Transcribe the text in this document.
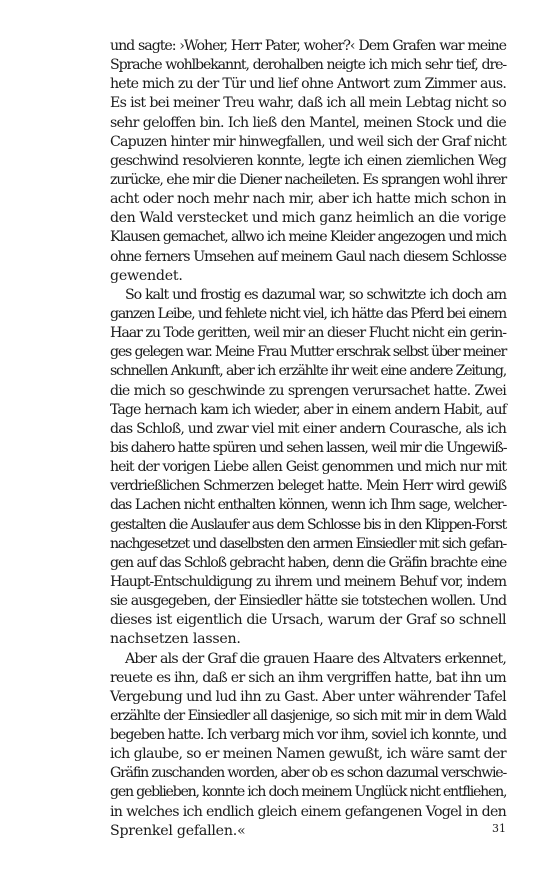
und sagte: ›Woher, Herr Pater, woher?‹ Dem Grafen war meine
Sprache wohlbekannt, derohalben neigte ich mich sehr tief, dre-
hete mich zu der Tür und lief ohne Antwort zum Zimmer aus.
Es ist bei meiner Treu wahr, daß ich all mein Lebtag nicht so
sehr geloffen bin. Ich ließ den Mantel, meinen Stock und die
Capuzen hinter mir hinwegfallen, und weil sich der Graf nicht
geschwind resolvieren konnte, legte ich einen ziemlichen Weg
zurücke, ehe mir die Diener nacheileten. Es sprangen wohl ihrer
acht oder noch mehr nach mir, aber ich hatte mich schon in
den Wald verstecket und mich ganz heimlich an die vorige
Klausen gemachet, allwo ich meine Kleider angezogen und mich
ohne ferners Umsehen auf meinem Gaul nach diesem Schlosse
gewendet.
So kalt und frostig es dazumal war, so schwitzte ich doch am
ganzen Leibe, und fehlete nicht viel, ich hätte das Pferd bei einem
Haar zu Tode geritten, weil mir an dieser Flucht nicht ein gerin-
ges gelegen war. Meine Frau Mutter erschrak selbst über meiner
schnellen Ankunft, aber ich erzählte ihr weit eine andere Zeitung,
die mich so geschwinde zu sprengen verursachet hatte. Zwei
Tage hernach kam ich wieder, aber in einem andern Habit, auf
das Schloß, und zwar viel mit einer andern Courasche, als ich
bis dahero hatte spüren und sehen lassen, weil mir die Ungewiß-
heit der vorigen Liebe allen Geist genommen und mich nur mit
verdrießlichen Schmerzen beleget hatte. Mein Herr wird gewiß
das Lachen nicht enthalten können, wenn ich Ihm sage, welcher-
gestalten die Auslaufer aus dem Schlosse bis in den Klippen-Forst
nachgesetzet und daselbsten den armen Einsiedler mit sich gefan-
gen auf das Schloß gebracht haben, denn die Gräfin brachte eine
Haupt-Entschuldigung zu ihrem und meinem Behuf vor, indem
sie ausgegeben, der Einsiedler hätte sie totstechen wollen. Und
dieses ist eigentlich die Ursach, warum der Graf so schnell
nachsetzen lassen.
Aber als der Graf die grauen Haare des Altvaters erkennet,
reuete es ihn, daß er sich an ihm vergriffen hatte, bat ihn um
Vergebung und lud ihn zu Gast. Aber unter währender Tafel
erzählte der Einsiedler all dasjenige, so sich mit mir in dem Wald
begeben hatte. Ich verbarg mich vor ihm, soviel ich konnte, und
ich glaube, so er meinen Namen gewußt, ich wäre samt der
Gräfin zuschanden worden, aber ob es schon dazumal verschwie-
gen geblieben, konnte ich doch meinem Unglück nicht entfliehen,
in welches ich endlich gleich einem gefangenen Vogel in den
Sprenkel gefallen.«	31
